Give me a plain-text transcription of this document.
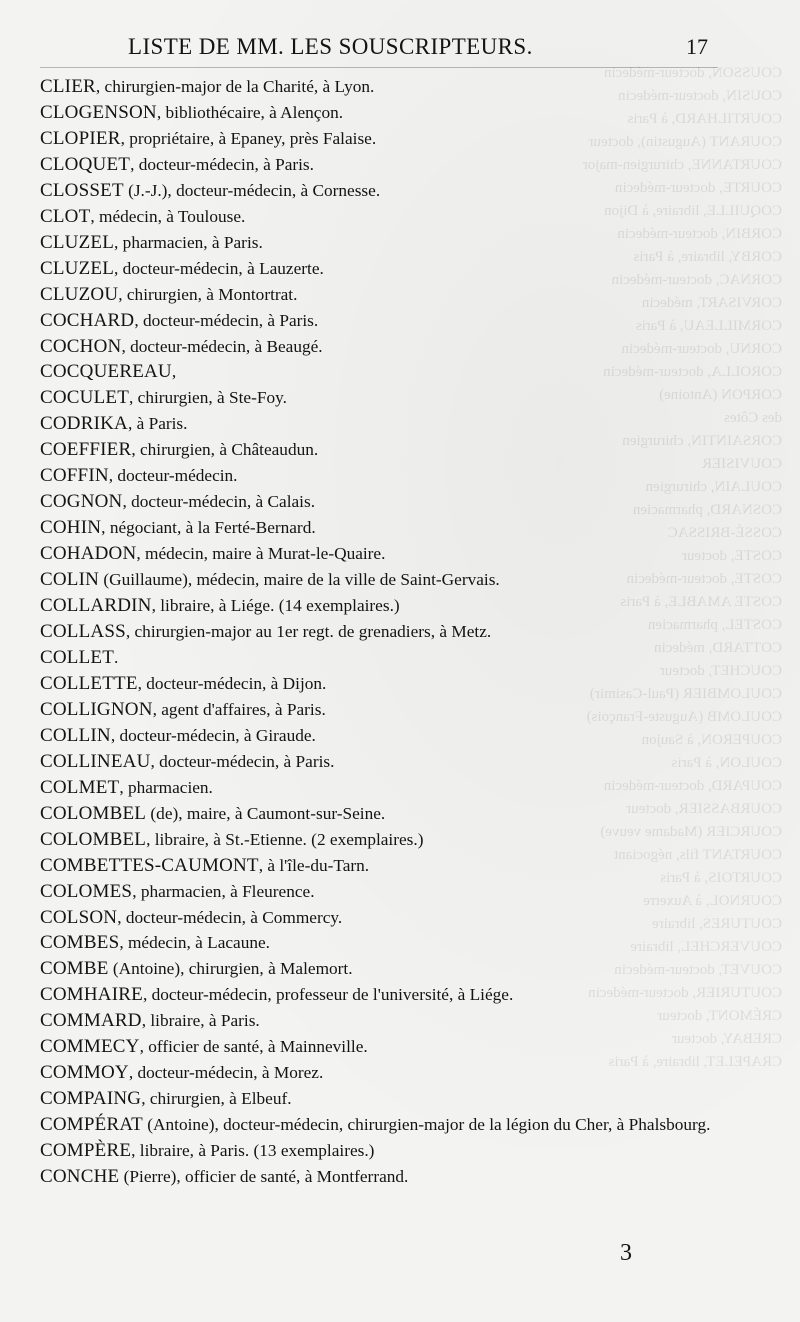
COUSSON, docteur-médecin
COUSIN, docteur-médecin
COURTILHARD, à Paris
COURANT (Augustin), docteur
COURTANNE, chirurgien-major
COURTE, docteur-médecin
COQUILLE, libraire, à Dijon
CORBIN, docteur-médecin
CORBY, libraire, à Paris
CORNAC, docteur-médecin
CORVISART, médecin
CORMILLEAU, à Paris
CORNU, docteur-médecin
COROLLA, docteur-médecin
CORPON (Antoine)
des Côtes
CORSAINTIN, chirurgien
COUVISIER
COULAIN, chirurgien
COSNARD, pharmacien
COSSÉ-BRISSAC
COSTE, docteur
COSTE, docteur-médecin
COSTE AMABLE, à Paris
COSTEL, pharmacien
COTTARD, médecin
COUCHET, docteur
COULOMBIER (Paul-Casimir)
COULOMB (Auguste-François)
COUPERON, à Saujon
COULON, à Paris
COUPARD, docteur-médecin
COURBASSIER, docteur
COURCIER (Madame veuve)
COURTANT fils, négociant
COURTOIS, à Paris
COURNOL, à Auxerre
COUTURES, libraire
COUVERCHEL, libraire
COUVET, docteur-médecin
COUTURIER, docteur-médecin
CRÉMONT, docteur
CREBAY, docteur
CRAPELET, libraire, à Paris
LISTE DE MM. LES SOUSCRIPTEURS.	17
CLIER, chirurgien-major de la Charité, à Lyon.
CLOGENSON, bibliothécaire, à Alençon.
CLOPIER, propriétaire, à Epaney, près Falaise.
CLOQUET, docteur-médecin, à Paris.
CLOSSET (J.-J.), docteur-médecin, à Cornesse.
CLOT, médecin, à Toulouse.
CLUZEL, pharmacien, à Paris.
CLUZEL, docteur-médecin, à Lauzerte.
CLUZOU, chirurgien, à Montortrat.
COCHARD, docteur-médecin, à Paris.
COCHON, docteur-médecin, à Beaugé.
COCQUEREAU,
COCULET, chirurgien, à Ste-Foy.
CODRIKA, à Paris.
COEFFIER, chirurgien, à Châteaudun.
COFFIN, docteur-médecin.
COGNON, docteur-médecin, à Calais.
COHIN, négociant, à la Ferté-Bernard.
COHADON, médecin, maire à Murat-le-Quaire.
COLIN (Guillaume), médecin, maire de la ville de Saint-Gervais.
COLLARDIN, libraire, à Liége. (14 exemplaires.)
COLLASS, chirurgien-major au 1er regt. de grenadiers, à Metz.
COLLET.
COLLETTE, docteur-médecin, à Dijon.
COLLIGNON, agent d'affaires, à Paris.
COLLIN, docteur-médecin, à Giraude.
COLLINEAU, docteur-médecin, à Paris.
COLMET, pharmacien.
COLOMBEL (de), maire, à Caumont-sur-Seine.
COLOMBEL, libraire, à St.-Etienne. (2 exemplaires.)
COMBETTES-CAUMONT, à l'île-du-Tarn.
COLOMES, pharmacien, à Fleurence.
COLSON, docteur-médecin, à Commercy.
COMBES, médecin, à Lacaune.
COMBE (Antoine), chirurgien, à Malemort.
COMHAIRE, docteur-médecin, professeur de l'université, à Liége.
COMMARD, libraire, à Paris.
COMMECY, officier de santé, à Mainneville.
COMMOY, docteur-médecin, à Morez.
COMPAING, chirurgien, à Elbeuf.
COMPÉRAT (Antoine), docteur-médecin, chirurgien-major de la légion du Cher, à Phalsbourg.
COMPÈRE, libraire, à Paris. (13 exemplaires.)
CONCHE (Pierre), officier de santé, à Montferrand.
3
